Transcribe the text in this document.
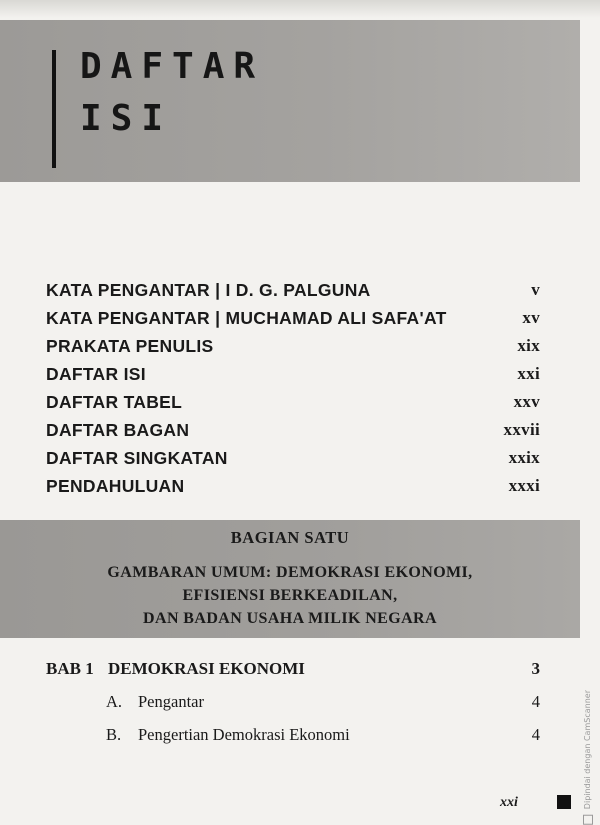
DAFTAR
ISI
KATA PENGANTAR | I D. G. PALGUNA	v
KATA PENGANTAR | MUCHAMAD ALI SAFA'AT	xv
PRAKATA PENULIS	xix
DAFTAR ISI	xxi
DAFTAR TABEL	xxv
DAFTAR BAGAN	xxvii
DAFTAR SINGKATAN	xxix
PENDAHULUAN	xxxi
BAGIAN SATU
GAMBARAN UMUM: DEMOKRASI EKONOMI,
EFISIENSI BERKEADILAN,
DAN BADAN USAHA MILIK NEGARA
BAB 1 DEMOKRASI EKONOMI	3
A. Pengantar	4
B. Pengertian Demokrasi Ekonomi	4
xxi	Dipindai dengan CamScanner
